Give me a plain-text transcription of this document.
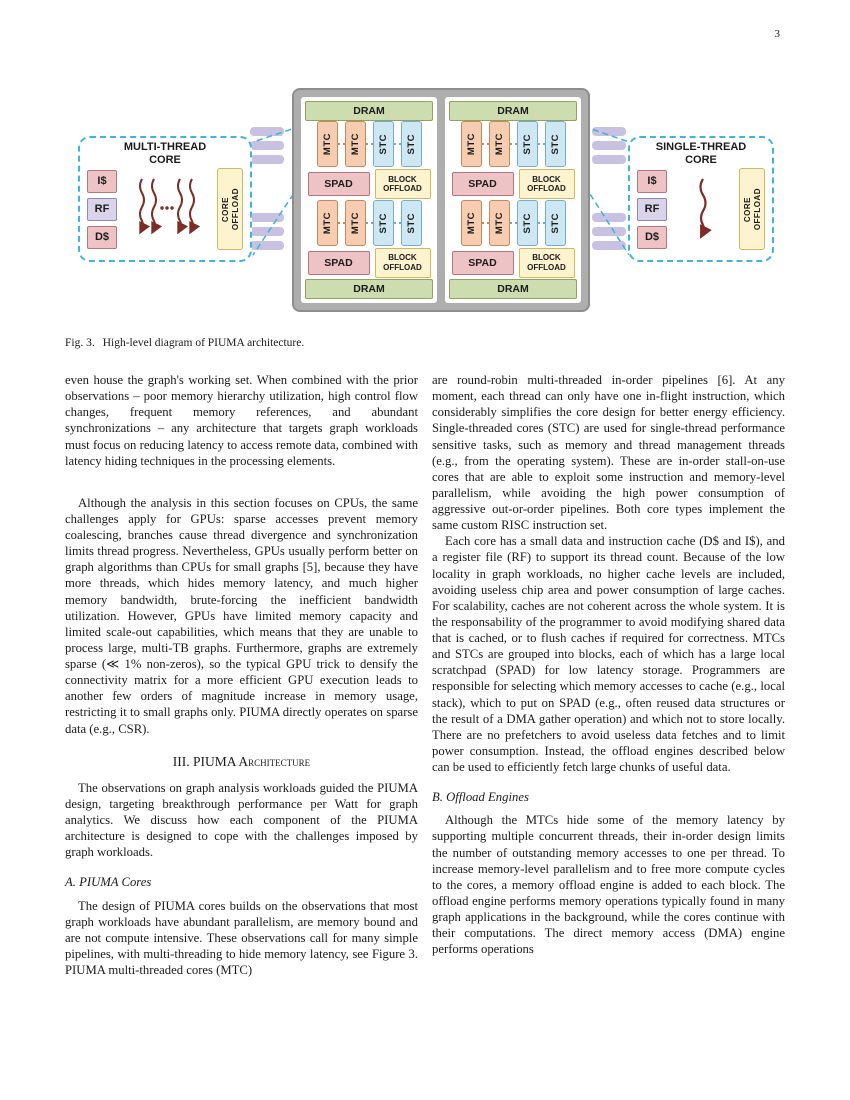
3
DRAM
MTC MTC STC STC
SPAD	BLOCK
OFFLOAD
MTC MTC STC STC
SPAD	BLOCK
OFFLOAD
DRAM
DRAM
MTC MTC STC STC
SPAD	BLOCK
OFFLOAD
MTC MTC STC STC
SPAD	BLOCK
OFFLOAD
DRAM
MULTI-THREAD
CORE
I$
RF
D$
CORE OFFLOAD
SINGLE-THREAD
CORE
I$
RF
D$
CORE OFFLOAD
Fig. 3. High-level diagram of PIUMA architecture.

even house the graph's working set. When combined with the prior observations – poor memory hierarchy utilization, high control flow changes, frequent memory references, and abundant synchronizations – any architecture that targets graph workloads must focus on reducing latency to access remote data, combined with latency hiding techniques in the processing elements.

Although the analysis in this section focuses on CPUs, the same challenges apply for GPUs: sparse accesses prevent memory coalescing, branches cause thread divergence and synchronization limits thread progress. Nevertheless, GPUs usually perform better on graph algorithms than CPUs for small graphs [5], because they have more threads, which hides memory latency, and much higher memory bandwidth, brute-forcing the inefficient bandwidth utilization. However, GPUs have limited memory capacity and limited scale-out capabilities, which means that they are unable to process large, multi-TB graphs. Furthermore, graphs are extremely sparse (≪ 1% non-zeros), so the typical GPU trick to densify the connectivity matrix for a more efficient GPU execution leads to another few orders of magnitude increase in memory usage, restricting it to small graphs only. PIUMA directly operates on sparse data (e.g., CSR).

III. PIUMA Architecture

The observations on graph analysis workloads guided the PIUMA design, targeting breakthrough performance per Watt for graph analytics. We discuss how each component of the PIUMA architecture is designed to cope with the challenges imposed by graph workloads.

A. PIUMA Cores

The design of PIUMA cores builds on the observations that most graph workloads have abundant parallelism, are memory bound and are not compute intensive. These observations call for many simple pipelines, with multi-threading to hide memory latency, see Figure 3. PIUMA multi-threaded cores (MTC)

are round-robin multi-threaded in-order pipelines [6]. At any moment, each thread can only have one in-flight instruction, which considerably simplifies the core design for better energy efficiency. Single-threaded cores (STC) are used for single-thread performance sensitive tasks, such as memory and thread management threads (e.g., from the operating system). These are in-order stall-on-use cores that are able to exploit some instruction and memory-level parallelism, while avoiding the high power consumption of aggressive out-or-order pipelines. Both core types implement the same custom RISC instruction set.

Each core has a small data and instruction cache (D$ and I$), and a register file (RF) to support its thread count. Because of the low locality in graph workloads, no higher cache levels are included, avoiding useless chip area and power consumption of large caches. For scalability, caches are not coherent across the whole system. It is the responsability of the programmer to avoid modifying shared data that is cached, or to flush caches if required for correctness. MTCs and STCs are grouped into blocks, each of which has a large local scratchpad (SPAD) for low latency storage. Programmers are responsible for selecting which memory accesses to cache (e.g., local stack), which to put on SPAD (e.g., often reused data structures or the result of a DMA gather operation) and which not to store locally. There are no prefetchers to avoid useless data fetches and to limit power consumption. Instead, the offload engines described below can be used to efficiently fetch large chunks of useful data.

B. Offload Engines

Although the MTCs hide some of the memory latency by supporting multiple concurrent threads, their in-order design limits the number of outstanding memory accesses to one per thread. To increase memory-level parallelism and to free more compute cycles to the cores, a memory offload engine is added to each block. The offload engine performs memory operations typically found in many graph applications in the background, while the cores continue with their computations. The direct memory access (DMA) engine performs operations
